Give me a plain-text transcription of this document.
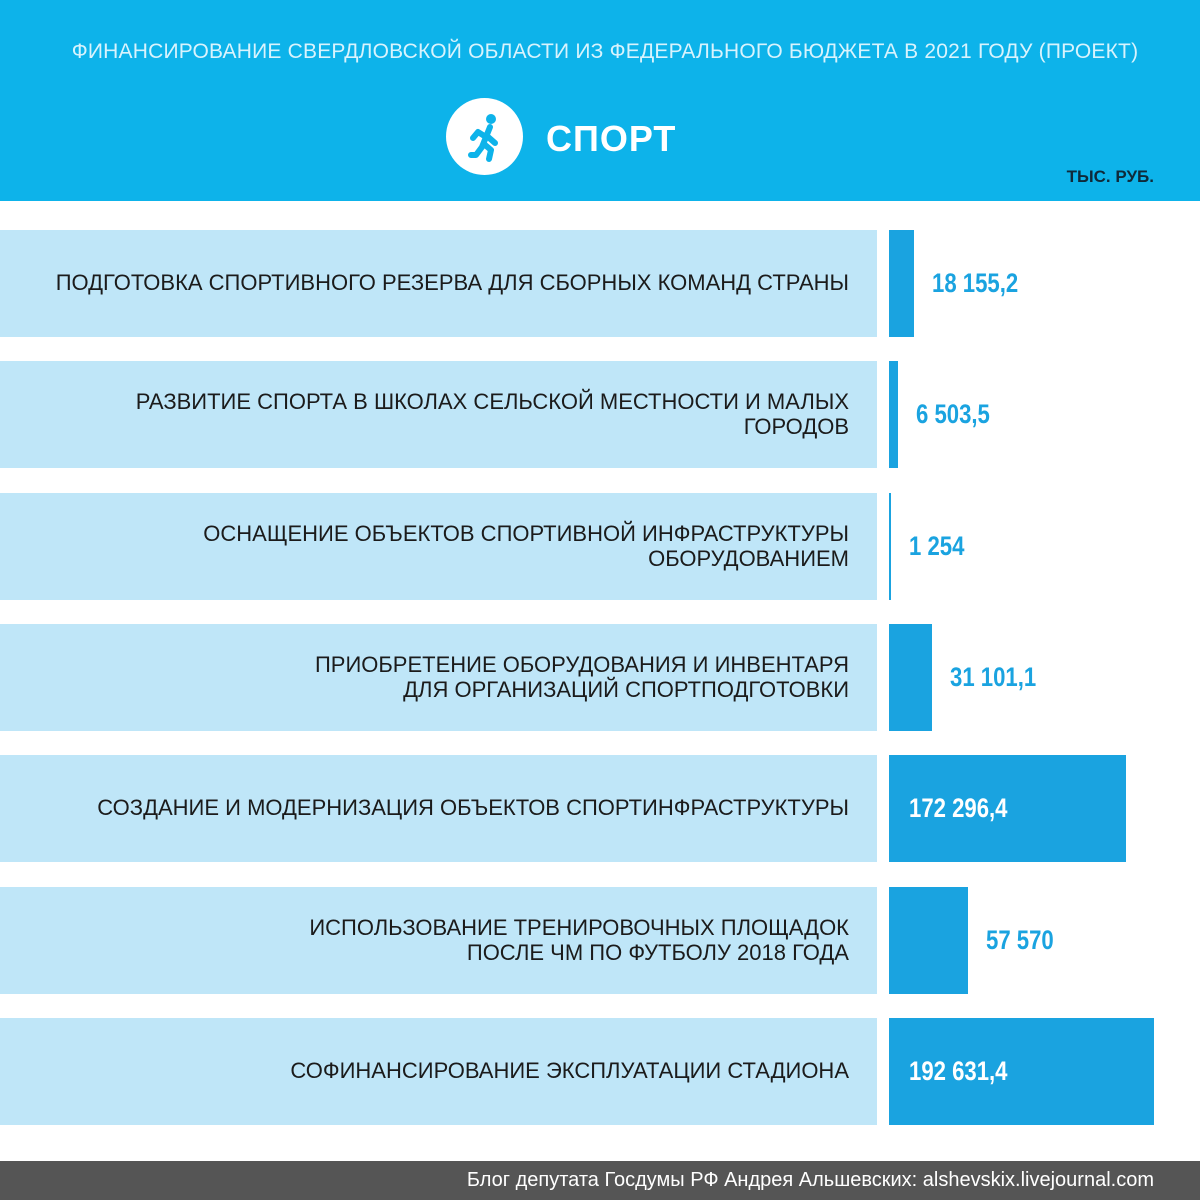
ФИНАНСИРОВАНИЕ СВЕРДЛОВСКОЙ ОБЛАСТИ ИЗ ФЕДЕРАЛЬНОГО БЮДЖЕТА В 2021 ГОДУ (ПРОЕКТ)
СПОРТ
ТЫС. РУБ.
ПОДГОТОВКА СПОРТИВНОГО РЕЗЕРВА ДЛЯ СБОРНЫХ КОМАНД СТРАНЫ	18 155,2
РАЗВИТИЕ СПОРТА В ШКОЛАХ СЕЛЬСКОЙ МЕСТНОСТИ И МАЛЫХ ГОРОДОВ 6 503,5
ОСНАЩЕНИЕ ОБЪЕКТОВ СПОРТИВНОЙ ИНФРАСТРУКТУРЫ
ОБОРУДОВАНИЕМ 1 254
ПРИОБРЕТЕНИЕ ОБОРУДОВАНИЯ И ИНВЕНТАРЯ
ДЛЯ ОРГАНИЗАЦИЙ СПОРТПОДГОТОВКИ	31 101,1
СОЗДАНИЕ И МОДЕРНИЗАЦИЯ ОБЪЕКТОВ СПОРТИНФРАСТРУКТУРЫ 172 296,4
ИСПОЛЬЗОВАНИЕ ТРЕНИРОВОЧНЫХ ПЛОЩАДОК
ПОСЛЕ ЧМ ПО ФУТБОЛУ 2018 ГОДА	57 570
СОФИНАНСИРОВАНИЕ ЭКСПЛУАТАЦИИ СТАДИОНА 192 631,4
Блог депутата Госдумы РФ Андрея Альшевских: alshevskix.livejournal.com
